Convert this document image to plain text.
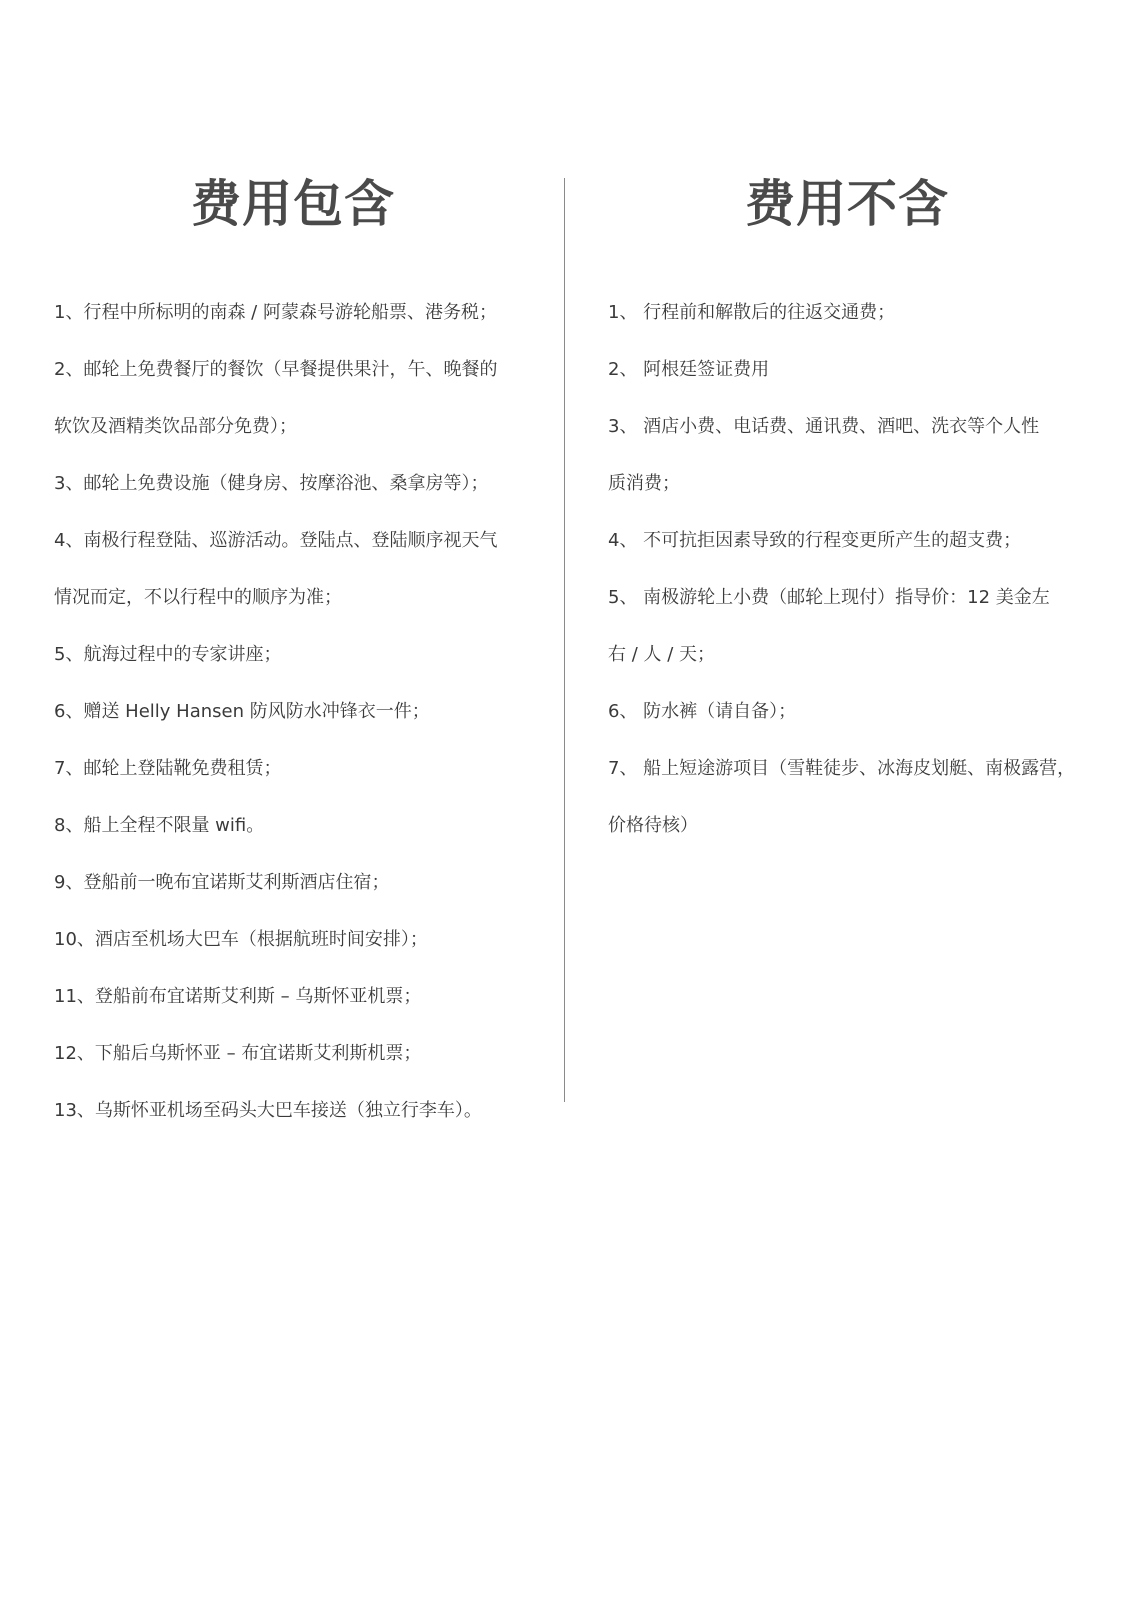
费用包含
1、行程中所标明的南森 / 阿蒙森号游轮船票、港务税；
2、邮轮上免费餐厅的餐饮（早餐提供果汁，午、晚餐的
软饮及酒精类饮品部分免费）；
3、邮轮上免费设施（健身房、按摩浴池、桑拿房等）；
4、南极行程登陆、巡游活动。登陆点、登陆顺序视天气
情况而定，不以行程中的顺序为准；
5、航海过程中的专家讲座；
6、赠送 Helly Hansen 防风防水冲锋衣一件；
7、邮轮上登陆靴免费租赁；
8、船上全程不限量 wifi。
9、登船前一晚布宜诺斯艾利斯酒店住宿；
10、酒店至机场大巴车（根据航班时间安排）；
11、登船前布宜诺斯艾利斯 – 乌斯怀亚机票；
12、下船后乌斯怀亚 – 布宜诺斯艾利斯机票；
13、乌斯怀亚机场至码头大巴车接送（独立行李车）。
费用不含
1、 行程前和解散后的往返交通费；
2、 阿根廷签证费用
3、 酒店小费、电话费、通讯费、酒吧、洗衣等个人性
质消费；
4、 不可抗拒因素导致的行程变更所产生的超支费；
5、 南极游轮上小费（邮轮上现付）指导价：12 美金左
右 / 人 / 天；
6、 防水裤（请自备）；
7、 船上短途游项目（雪鞋徒步、冰海皮划艇、南极露营，
价格待核）
